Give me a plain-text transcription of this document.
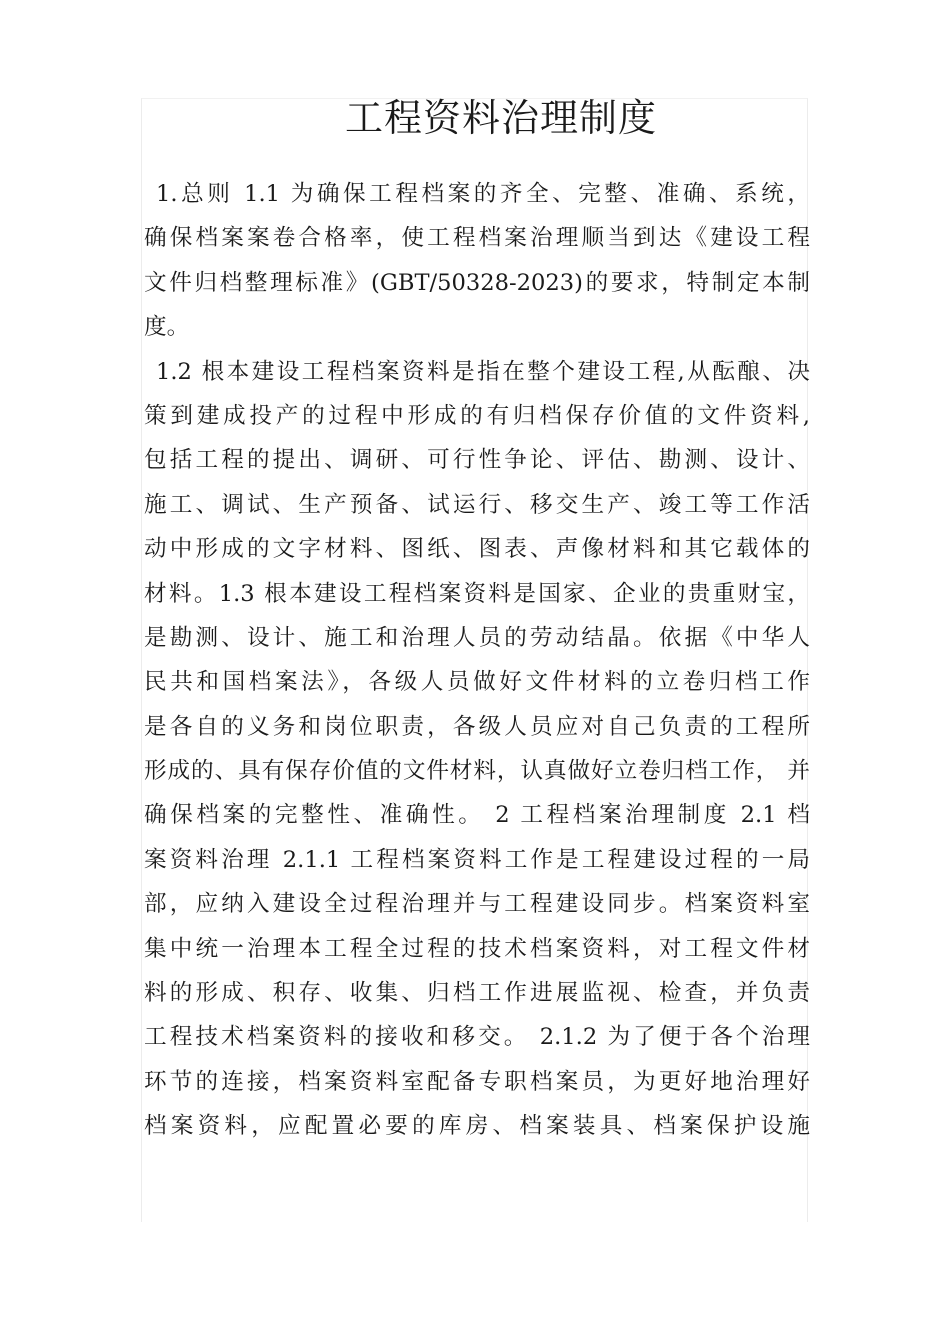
工程资料治理制度
1.总则 1.1 为确保工程档案的齐全、完整、准确、系统，
确保档案案卷合格率，使工程档案治理顺当到达《建设工程
文件归档整理标准》(GBT/50328-2023)的要求，特制定本制
度。
1.2 根本建设工程档案资料是指在整个建设工程,从酝酿、决
策到建成投产的过程中形成的有归档保存价值的文件资料,
包括工程的提出、调研、可行性争论、评估、勘测、设计、
施工、调试、生产预备、试运行、移交生产、竣工等工作活
动中形成的文字材料、图纸、图表、声像材料和其它载体的
材料。1.3 根本建设工程档案资料是国家、企业的贵重财宝，
是勘测、设计、施工和治理人员的劳动结晶。依据《中华人
民共和国档案法》，各级人员做好文件材料的立卷归档工作
是各自的义务和岗位职责，各级人员应对自己负责的工程所
形成的、具有保存价值的文件材料，认真做好立卷归档工作， 并
确保档案的完整性、准确性。 2 工程档案治理制度 2.1 档
案资料治理 2.1.1 工程档案资料工作是工程建设过程的一局
部，应纳入建设全过程治理并与工程建设同步。档案资料室
集中统一治理本工程全过程的技术档案资料，对工程文件材
料的形成、积存、收集、归档工作进展监视、检查，并负责
工程技术档案资料的接收和移交。 2.1.2 为了便于各个治理
环节的连接，档案资料室配备专职档案员，为更好地治理好
档案资料，应配置必要的库房、档案装具、档案保护设施
